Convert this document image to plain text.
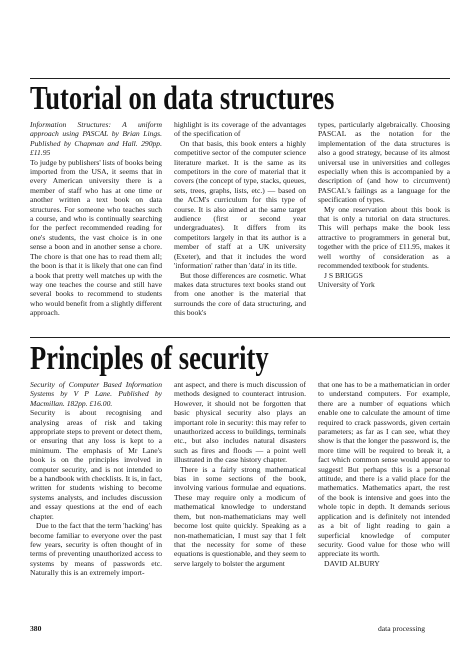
Tutorial on data structures

Information Structures: A uniform approach using PASCAL by Brian Lings. Published by Chapman and Hall. 290pp. £11.95

To judge by publishers' lists of books being imported from the USA, it seems that in every American university there is a member of staff who has at one time or another written a text book on data structures. For someone who teaches such a course, and who is continually searching for the perfect recommended reading for one's students, the vast choice is in one sense a boon and in another sense a chore. The chore is that one has to read them all; the boon is that it is likely that one can find a book that pretty well matches up with the way one teaches the course and still have several books to recommend to students who would benefit from a slightly different approach.

highlight is its coverage of the advantages of the specification of

On that basis, this book enters a highly competitive sector of the computer science literature market. It is the same as its competitors in the core of material that it covers (the concept of type, stacks, queues, sets, trees, graphs, lists, etc.) — based on the ACM's curriculum for this type of course. It is also aimed at the same target audience (first or second year undergraduates). It differs from its competitors largely in that its author is a member of staff at a UK university (Exeter), and that it includes the word 'information' rather than 'data' in its title.

But those differences are cosmetic. What makes data structures text books stand out from one another is the material that surrounds the core of data structuring, and this book's

types, particularly algebraically. Choosing PASCAL as the notation for the implementation of the data structures is also a good strategy, because of its almost universal use in universities and colleges especially when this is accompanied by a description of (and how to circumvent) PASCAL's failings as a language for the specification of types.

My one reservation about this book is that is only a tutorial on data structures. This will perhaps make the book less attractive to programmers in general but, together with the price of £11.95, makes it well worthy of consideration as a recommended textbook for students.

J S BRIGGS

University of York

Principles of security

Security of Computer Based Information Systems by V P Lane. Published by Macmillan. 182pp. £16.00.

Security is about recognising and analysing areas of risk and taking appropriate steps to prevent or detect them, or ensuring that any loss is kept to a minimum. The emphasis of Mr Lane's book is on the principles involved in computer security, and is not intended to be a handbook with checklists. It is, in fact, written for students wishing to become systems analysts, and includes discussion and essay questions at the end of each chapter.

Due to the fact that the term 'hacking' has become familiar to everyone over the past few years, security is often thought of in terms of preventing unauthorized access to systems by means of passwords etc. Naturally this is an extremely import-

ant aspect, and there is much discussion of methods designed to counteract intrusion. However, it should not be forgotten that basic physical security also plays an important role in security: this may refer to unauthorized access to buildings, terminals etc., but also includes natural disasters such as fires and floods — a point well illustrated in the case history chapter.

There is a fairly strong mathematical bias in some sections of the book, involving various formulae and equations. These may require only a modicum of mathematical knowledge to understand them, but non-mathematicians may well become lost quite quickly. Speaking as a non-mathematician, I must say that I felt that the necessity for some of these equations is questionable, and they seem to serve largely to bolster the argument

that one has to be a mathematician in order to understand computers. For example, there are a number of equations which enable one to calculate the amount of time required to crack passwords, given certain parameters; as far as I can see, what they show is that the longer the password is, the more time will be required to break it, a fact which common sense would appear to suggest! But perhaps this is a personal attitude, and there is a valid place for the mathematics. Mathematics apart, the rest of the book is intensive and goes into the whole topic in depth. It demands serious application and is definitely not intended as a bit of light reading to gain a superficial knowledge of computer security. Good value for those who will appreciate its worth.

DAVID ALBURY

380	data processing
